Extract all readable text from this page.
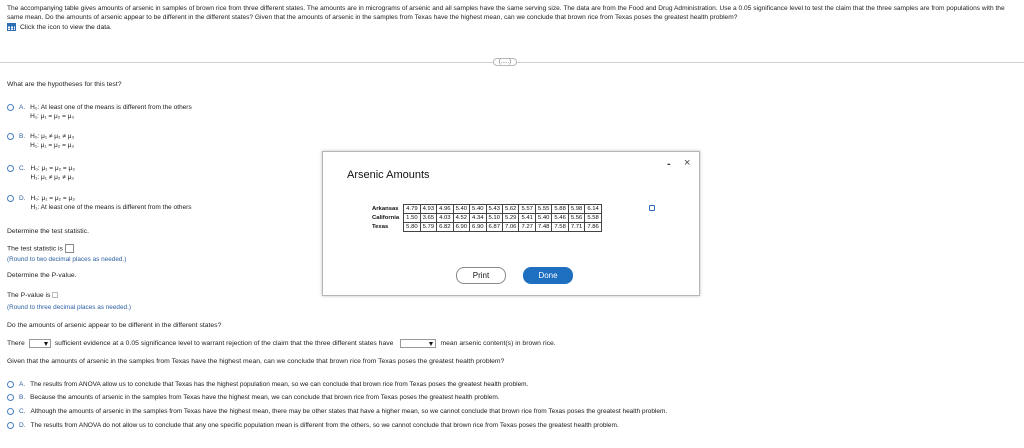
The accompanying table gives amounts of arsenic in samples of brown rice from three different states. The amounts are in micrograms of arsenic and all samples have the same serving size. The data are from the Food and Drug Administration. Use a 0.05 significance level to test the claim that the three samples are from populations with the same mean. Do the amounts of arsenic appear to be different in the different states? Given that the amounts of arsenic in the samples from Texas have the highest mean, can we conclude that brown rice from Texas poses the greatest health problem?
Click the icon to view the data.
(.....)
What are the hypotheses for this test?
A. H₀: At least one of the means is different from the others
H₁: μ₁ = μ₂ = μ₃
B. H₀: μ₁ ≠ μ₂ ≠ μ₃
H₁: μ₁ = μ₂ = μ₃
C. H₀: μ₁ = μ₂ = μ₃
H₁: μ₁ ≠ μ₂ ≠ μ₃
D. H₀: μ₁ = μ₂ = μ₃
H₁: At least one of the means is different from the others
Determine the test statistic.
The test statistic is
(Round to two decimal places as needed.)
Determine the P-value.
The P-value is
(Round to three decimal places as needed.)
Do the amounts of arsenic appear to be different in the different states?
There	sufficient evidence at a 0.05 significance level to warrant rejection of the claim that the three different states have	mean arsenic content(s) in brown rice.
Given that the amounts of arsenic in the samples from Texas have the highest mean, can we conclude that brown rice from Texas poses the greatest health problem?
A. The results from ANOVA allow us to conclude that Texas has the highest population mean, so we can conclude that brown rice from Texas poses the greatest health problem.
B. Because the amounts of arsenic in the samples from Texas have the highest mean, we can conclude that brown rice from Texas poses the greatest health problem.
C. Although the amounts of arsenic in the samples from Texas have the highest mean, there may be other states that have a higher mean, so we cannot conclude that brown rice from Texas poses the greatest health problem.
D. The results from ANOVA do not allow us to conclude that any one specific population mean is different from the others, so we cannot conclude that brown rice from Texas poses the greatest health problem.
Arsenic Amounts
- ×
Arkansas	4.79	4.93	4.96	5.40	5.40	5.43	5.62	5.57	5.55	5.88	5.98	6.14
California	1.50	3.65	4.03	4.52	4.34	5.10	5.29	5.41	5.40	5.46	5.56	5.58
Texas	5.80	5.79	6.82	6.90	6.90	6.87	7.06	7.27	7.48	7.58	7.71	7.86
Print	Done
